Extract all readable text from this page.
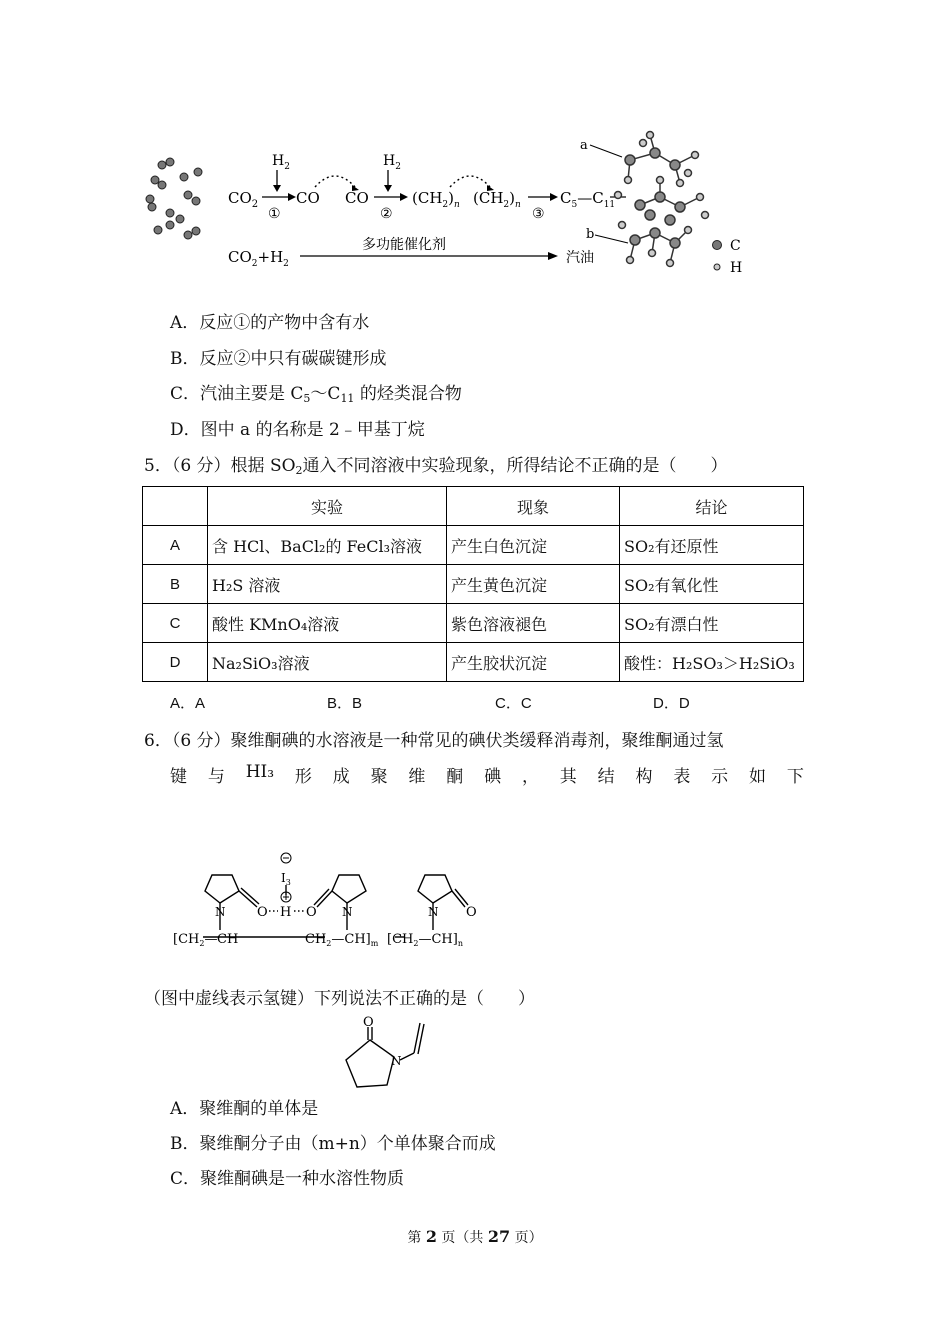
$CO_2$
$H_2$
①
CO CO
$H_2$
②
$(CH_2)_n$ $(CH_2)_n$
③
$C_5—C_{11}$
$CO_2+H_2$
多功能催化剂
汽油
a
b
C
H
A．反应①的产物中含有水
B．反应②中只有碳碳键形成
C．汽油主要是 $C_5\sim C_{11}$ 的烃类混合物
D．图中 a 的名称是 2﹣甲基丁烷
5．（6 分）根据 $SO_2$通入不同溶液中实验现象，所得结论不正确的是（　　）
	实验	现象	结论
A	含 HCl、BaCl₂的 FeCl₃溶液	产生白色沉淀	SO₂有还原性
B	H₂S 溶液	产生黄色沉淀	SO₂有氧化性
C	酸性 KMnO₄溶液	紫色溶液褪色	SO₂有漂白性
D	Na₂SiO₃溶液	产生胶状沉淀	酸性：H₂SO₃＞H₂SiO₃
A．A	B．B	C．C	D．D
6．（6 分）聚维酮碘的水溶液是一种常见的碘伏类缓释消毒剂，聚维酮通过氢
键 与 HI₃ 形 成 聚 维 酮 碘 ， 其 结 构 表 示 如 下
N	N	N
O	O	O
H
$I_3$
[$CH_2—$ CH	$CH_2—CH]_m$ $[CH_2—CH]_n$
（图中虚线表示氢键）下列说法不正确的是（　　）
O
N
A．聚维酮的单体是
B．聚维酮分子由（m+n）个单体聚合而成
C．聚维酮碘是一种水溶性物质
第 2 页（共 27 页）
